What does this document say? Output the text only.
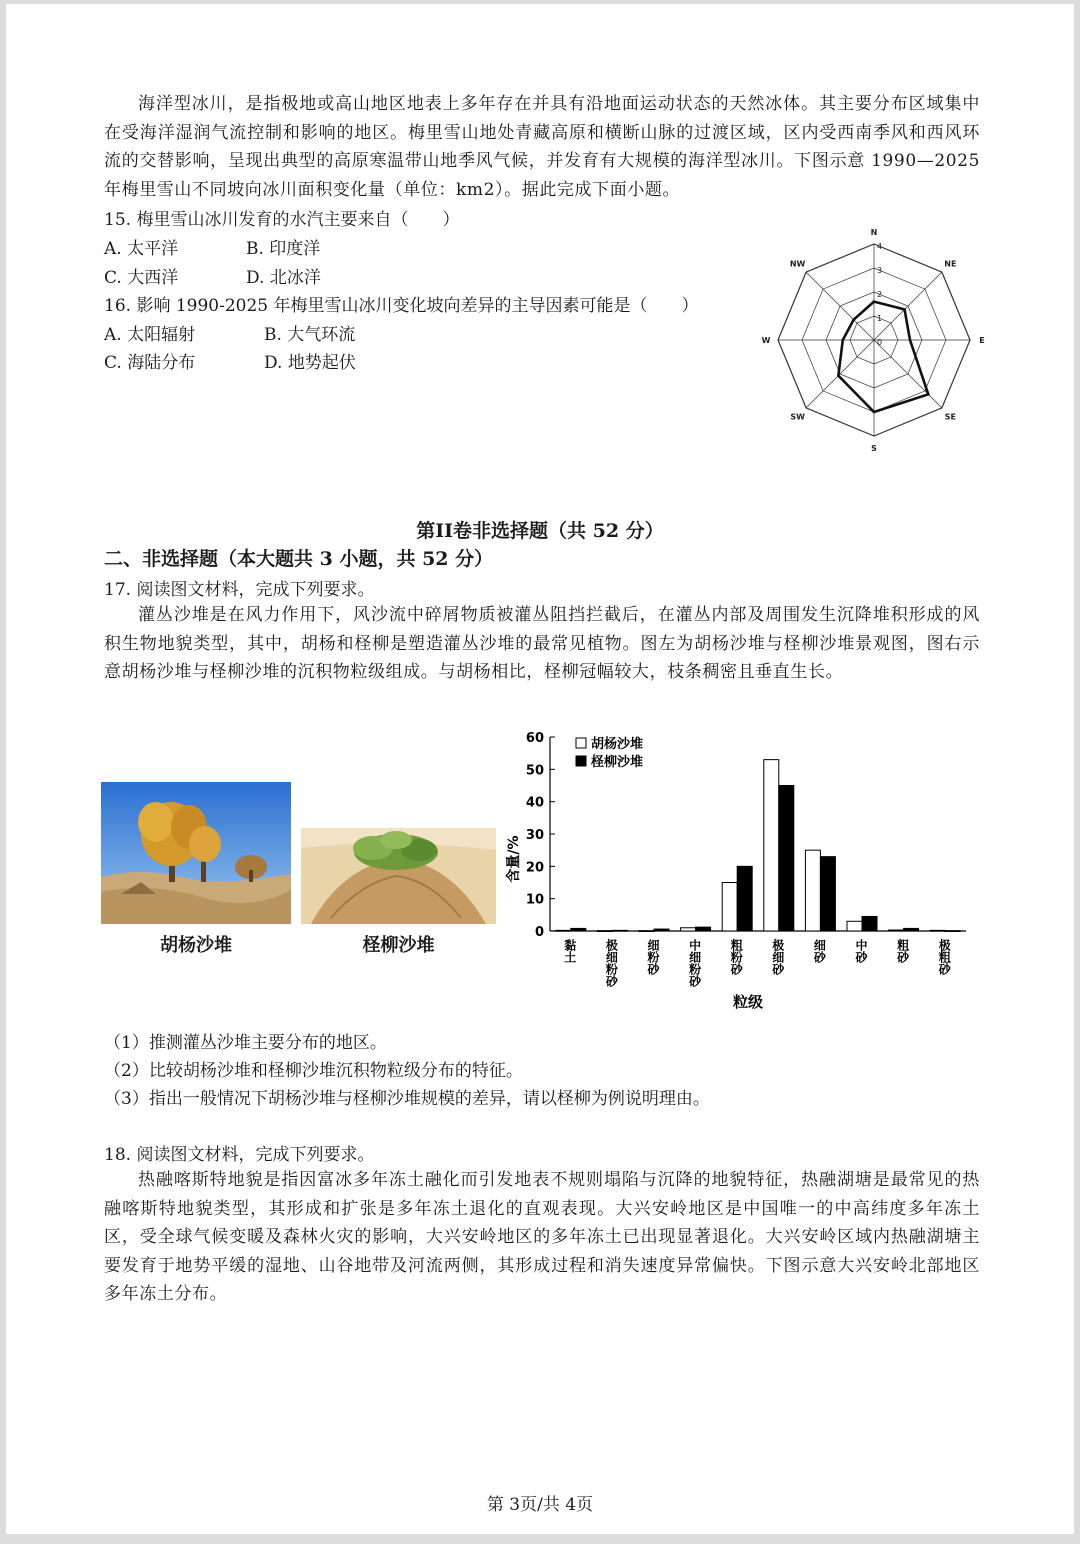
海洋型冰川，是指极地或高山地区地表上多年存在并具有沿地面运动状态的天然冰体。其主要分布区域集中在受海洋湿润气流控制和影响的地区。梅里雪山地处青藏高原和横断山脉的过渡区域，区内受西南季风和西风环流的交替影响，呈现出典型的高原寒温带山地季风气候，并发育有大规模的海洋型冰川。下图示意 1990—2025 年梅里雪山不同坡向冰川面积变化量（单位：km2）。据此完成下面小题。
15. 梅里雪山冰川发育的水汽主要来自（　　）
A. 太平洋	B. 印度洋
C. 大西洋	D. 北冰洋
16. 影响 1990-2025 年梅里雪山冰川变化坡向差异的主导因素可能是（　　）
A. 太阳辐射	B. 大气环流
C. 海陆分布	D. 地势起伏
4
3
2
1
0
N
NE
E
SE
S
SW
W
NW
第II卷非选择题（共 52 分）
二、非选择题（本大题共 3 小题，共 52 分）
17. 阅读图文材料，完成下列要求。
灌丛沙堆是在风力作用下，风沙流中碎屑物质被灌丛阻挡拦截后，在灌丛内部及周围发生沉降堆积形成的风积生物地貌类型，其中，胡杨和柽柳是塑造灌丛沙堆的最常见植物。图左为胡杨沙堆与柽柳沙堆景观图，图右示意胡杨沙堆与柽柳沙堆的沉积物粒级组成。与胡杨相比，柽柳冠幅较大，枝条稠密且垂直生长。
胡杨沙堆	柽柳沙堆
0
10
20
30
40
50
60
含量/%
黏土 极细粉砂 细粉砂 中细粉砂 粗粉砂 极细砂 细砂 中砂 粗砂 极粗砂
粒级
胡杨沙堆
柽柳沙堆
（1）推测灌丛沙堆主要分布的地区。
（2）比较胡杨沙堆和柽柳沙堆沉积物粒级分布的特征。
（3）指出一般情况下胡杨沙堆与柽柳沙堆规模的差异，请以柽柳为例说明理由。
18. 阅读图文材料，完成下列要求。
热融喀斯特地貌是指因富冰多年冻土融化而引发地表不规则塌陷与沉降的地貌特征，热融湖塘是最常见的热融喀斯特地貌类型，其形成和扩张是多年冻土退化的直观表现。大兴安岭地区是中国唯一的中高纬度多年冻土区，受全球气候变暖及森林火灾的影响，大兴安岭地区的多年冻土已出现显著退化。大兴安岭区域内热融湖塘主要发育于地势平缓的湿地、山谷地带及河流两侧，其形成过程和消失速度异常偏快。下图示意大兴安岭北部地区多年冻土分布。
第 3页/共 4页
